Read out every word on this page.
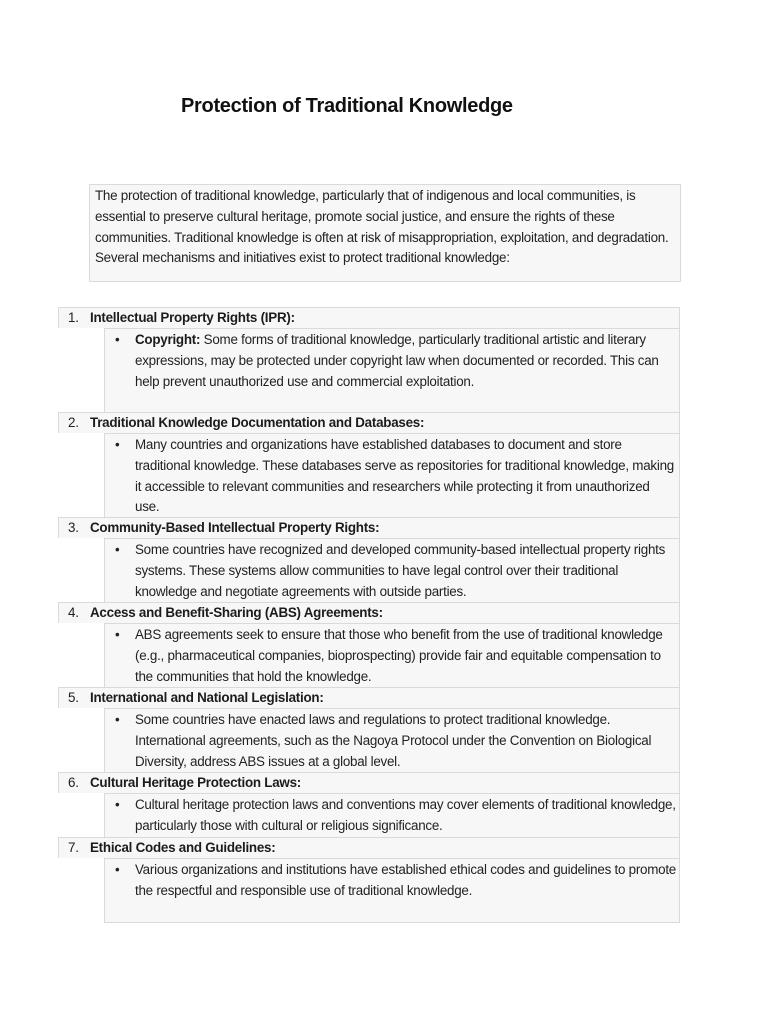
Protection of Traditional Knowledge
The protection of traditional knowledge, particularly that of indigenous and local communities, is essential to preserve cultural heritage, promote social justice, and ensure the rights of these communities. Traditional knowledge is often at risk of misappropriation, exploitation, and degradation. Several mechanisms and initiatives exist to protect traditional knowledge:
1. Intellectual Property Rights (IPR):
• Copyright: Some forms of traditional knowledge, particularly traditional artistic and literary expressions, may be protected under copyright law when documented or recorded. This can help prevent unauthorized use and commercial exploitation.
2. Traditional Knowledge Documentation and Databases:
• Many countries and organizations have established databases to document and store traditional knowledge. These databases serve as repositories for traditional knowledge, making it accessible to relevant communities and researchers while protecting it from unauthorized use.
3. Community-Based Intellectual Property Rights:
• Some countries have recognized and developed community-based intellectual property rights systems. These systems allow communities to have legal control over their traditional knowledge and negotiate agreements with outside parties.
4. Access and Benefit-Sharing (ABS) Agreements:
• ABS agreements seek to ensure that those who benefit from the use of traditional knowledge (e.g., pharmaceutical companies, bioprospecting) provide fair and equitable compensation to the communities that hold the knowledge.
5. International and National Legislation:
• Some countries have enacted laws and regulations to protect traditional knowledge. International agreements, such as the Nagoya Protocol under the Convention on Biological Diversity, address ABS issues at a global level.
6. Cultural Heritage Protection Laws:
• Cultural heritage protection laws and conventions may cover elements of traditional knowledge, particularly those with cultural or religious significance.
7. Ethical Codes and Guidelines:
• Various organizations and institutions have established ethical codes and guidelines to promote the respectful and responsible use of traditional knowledge.
